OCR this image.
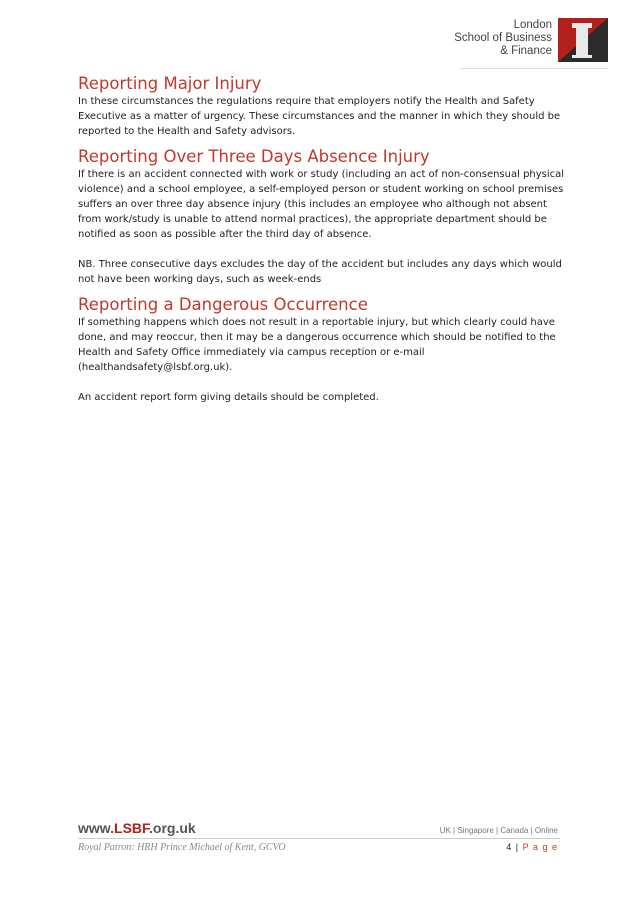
London
School of Business
& Finance
Reporting Major Injury

In these circumstances the regulations require that employers notify the Health and Safety Executive as a matter of urgency. These circumstances and the manner in which they should be reported to the Health and Safety advisors.

Reporting Over Three Days Absence Injury

If there is an accident connected with work or study (including an act of non-consensual physical violence) and a school employee, a self-employed person or student working on school premises suffers an over three day absence injury (this includes an employee who although not absent from work/study is unable to attend normal practices), the appropriate department should be notified as soon as possible after the third day of absence.

NB. Three consecutive days excludes the day of the accident but includes any days which would not have been working days, such as week-ends

Reporting a Dangerous Occurrence

If something happens which does not result in a reportable injury, but which clearly could have done, and may reoccur, then it may be a dangerous occurrence which should be notified to the Health and Safety Office immediately via campus reception or e-mail (healthandsafety@lsbf.org.uk).

An accident report form giving details should be completed.

www.LSBF.org.uk	UK | Singapore | Canada | Online
Royal Patron: HRH Prince Michael of Kent, GCVO	4 | P a g e
